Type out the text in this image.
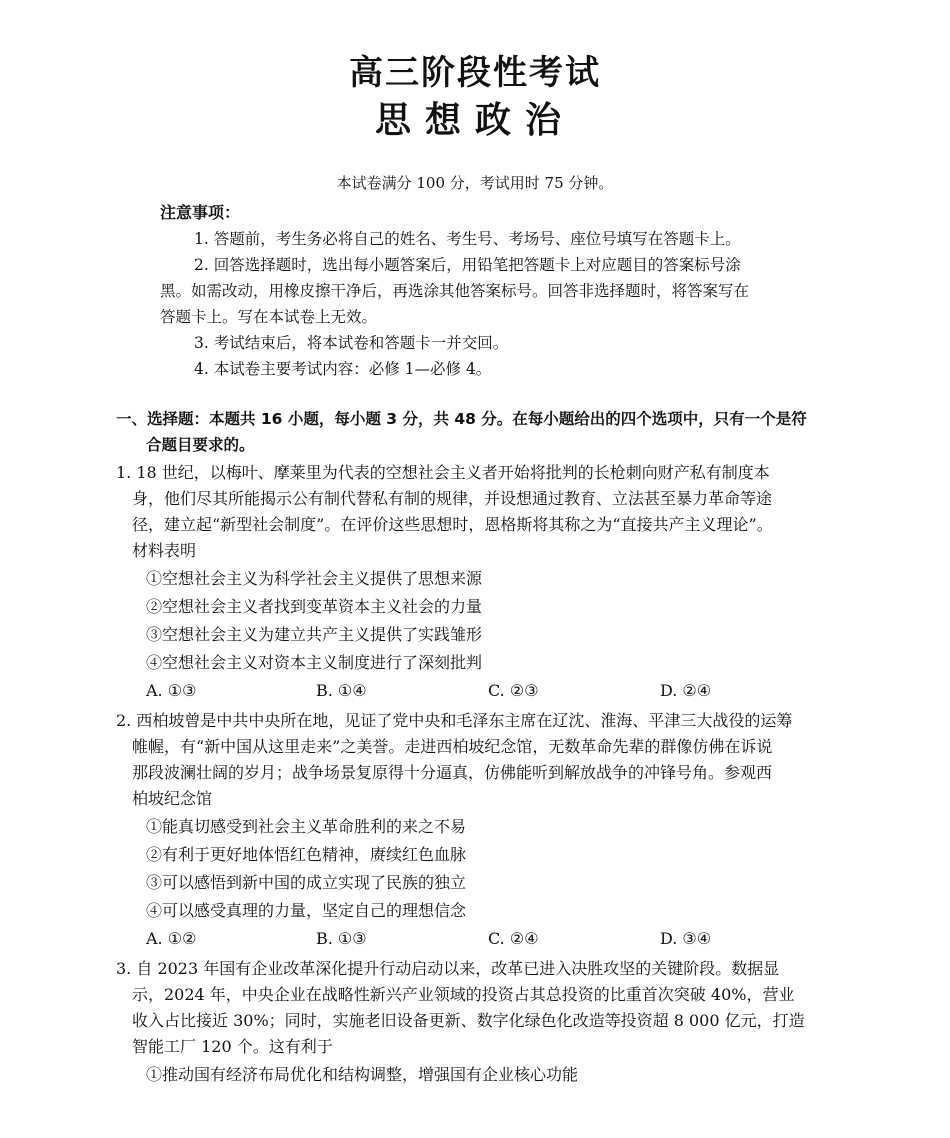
高三阶段性考试
思想政治
本试卷满分 100 分，考试用时 75 分钟。
注意事项：
1. 答题前，考生务必将自己的姓名、考生号、考场号、座位号填写在答题卡上。
2. 回答选择题时，选出每小题答案后，用铅笔把答题卡上对应题目的答案标号涂
黑。如需改动，用橡皮擦干净后，再选涂其他答案标号。回答非选择题时，将答案写在
答题卡上。写在本试卷上无效。
3. 考试结束后，将本试卷和答题卡一并交回。
4. 本试卷主要考试内容：必修 1—必修 4。
一、选择题：本题共 16 小题，每小题 3 分，共 48 分。在每小题给出的四个选项中，只有一个是符
合题目要求的。
1. 18 世纪，以梅叶、摩莱里为代表的空想社会主义者开始将批判的长枪刺向财产私有制度本
身，他们尽其所能揭示公有制代替私有制的规律，并设想通过教育、立法甚至暴力革命等途
径，建立起“新型社会制度”。在评价这些思想时，恩格斯将其称之为“直接共产主义理论”。
材料表明
①空想社会主义为科学社会主义提供了思想来源
②空想社会主义者找到变革资本主义社会的力量
③空想社会主义为建立共产主义提供了实践雏形
④空想社会主义对资本主义制度进行了深刻批判
A. ①③	B. ①④	C. ②③	D. ②④
2. 西柏坡曾是中共中央所在地，见证了党中央和毛泽东主席在辽沈、淮海、平津三大战役的运筹
帷幄，有“新中国从这里走来”之美誉。走进西柏坡纪念馆，无数革命先辈的群像仿佛在诉说
那段波澜壮阔的岁月；战争场景复原得十分逼真，仿佛能听到解放战争的冲锋号角。参观西
柏坡纪念馆
①能真切感受到社会主义革命胜利的来之不易
②有利于更好地体悟红色精神，赓续红色血脉
③可以感悟到新中国的成立实现了民族的独立
④可以感受真理的力量，坚定自己的理想信念
A. ①②	B. ①③	C. ②④	D. ③④
3. 自 2023 年国有企业改革深化提升行动启动以来，改革已进入决胜攻坚的关键阶段。数据显
示，2024 年，中央企业在战略性新兴产业领域的投资占其总投资的比重首次突破 40%，营业
收入占比接近 30%；同时，实施老旧设备更新、数字化绿色化改造等投资超 8 000 亿元，打造
智能工厂 120 个。这有利于
①推动国有经济布局优化和结构调整，增强国有企业核心功能
